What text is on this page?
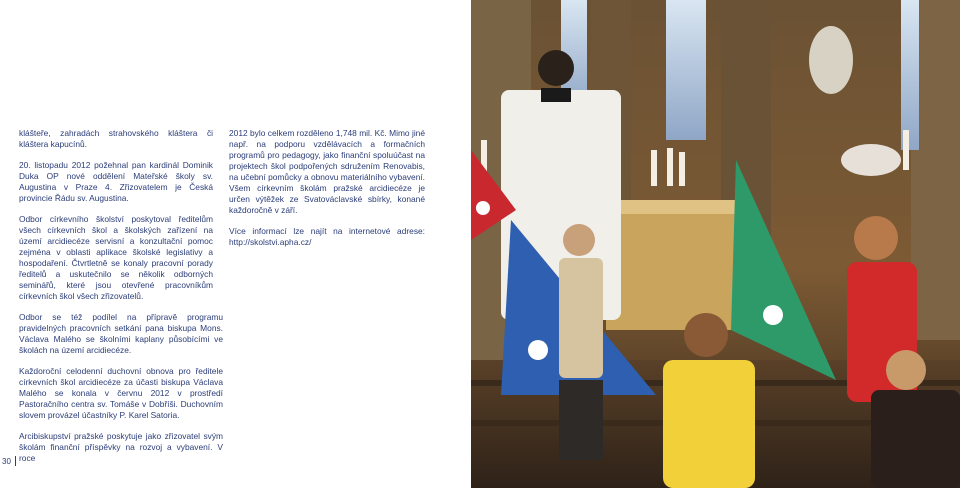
klášteře, zahradách strahovského kláštera či kláštera kapucínů.

20. listopadu 2012 požehnal pan kardinál Dominik Duka OP nové oddělení Mateřské školy sv. Augustina v Praze 4. Zřizovatelem je Česká provincie Řádu sv. Augustina.

Odbor církevního školství poskytoval ředitelům všech církevních škol a školských zařízení na území arcidiecéze servisní a konzultační pomoc zejména v oblasti aplikace školské legislativy a hospodaření. Čtvrtletně se konaly pracovní porady ředitelů a uskutečnilo se několik odborných seminářů, které jsou otevřené pracovníkům církevních škol všech zřizovatelů.

Odbor se též podílel na přípravě programu pravidelných pracovních setkání pana biskupa Mons. Václava Malého se školními kaplany působícími ve školách na území arcidiecéze.

Každoroční celodenní duchovní obnova pro ředitele církevních škol arcidiecéze za účasti biskupa Václava Malého se konala v červnu 2012 v prostředí Pastoračního centra sv. Tomáše v Dobříši. Duchovním slovem provázel účastníky P. Karel Satoria.

Arcibiskupství pražské poskytuje jako zřizovatel svým školám finanční příspěvky na rozvoj a vybavení. V roce

2012 bylo celkem rozděleno 1,748 mil. Kč. Mimo jiné např. na podporu vzdělávacích a formačních programů pro pedagogy, jako finanční spoluúčast na projektech škol podpořených sdružením Renovabis, na učební pomůcky a obnovu materiálního vybavení. Všem církevním školám pražské arcidiecéze je určen výtěžek ze Svatováclavské sbírky, konané každoročně v září.

Více informací lze najít na internetové adrese: http://skolstvi.apha.cz/

30
